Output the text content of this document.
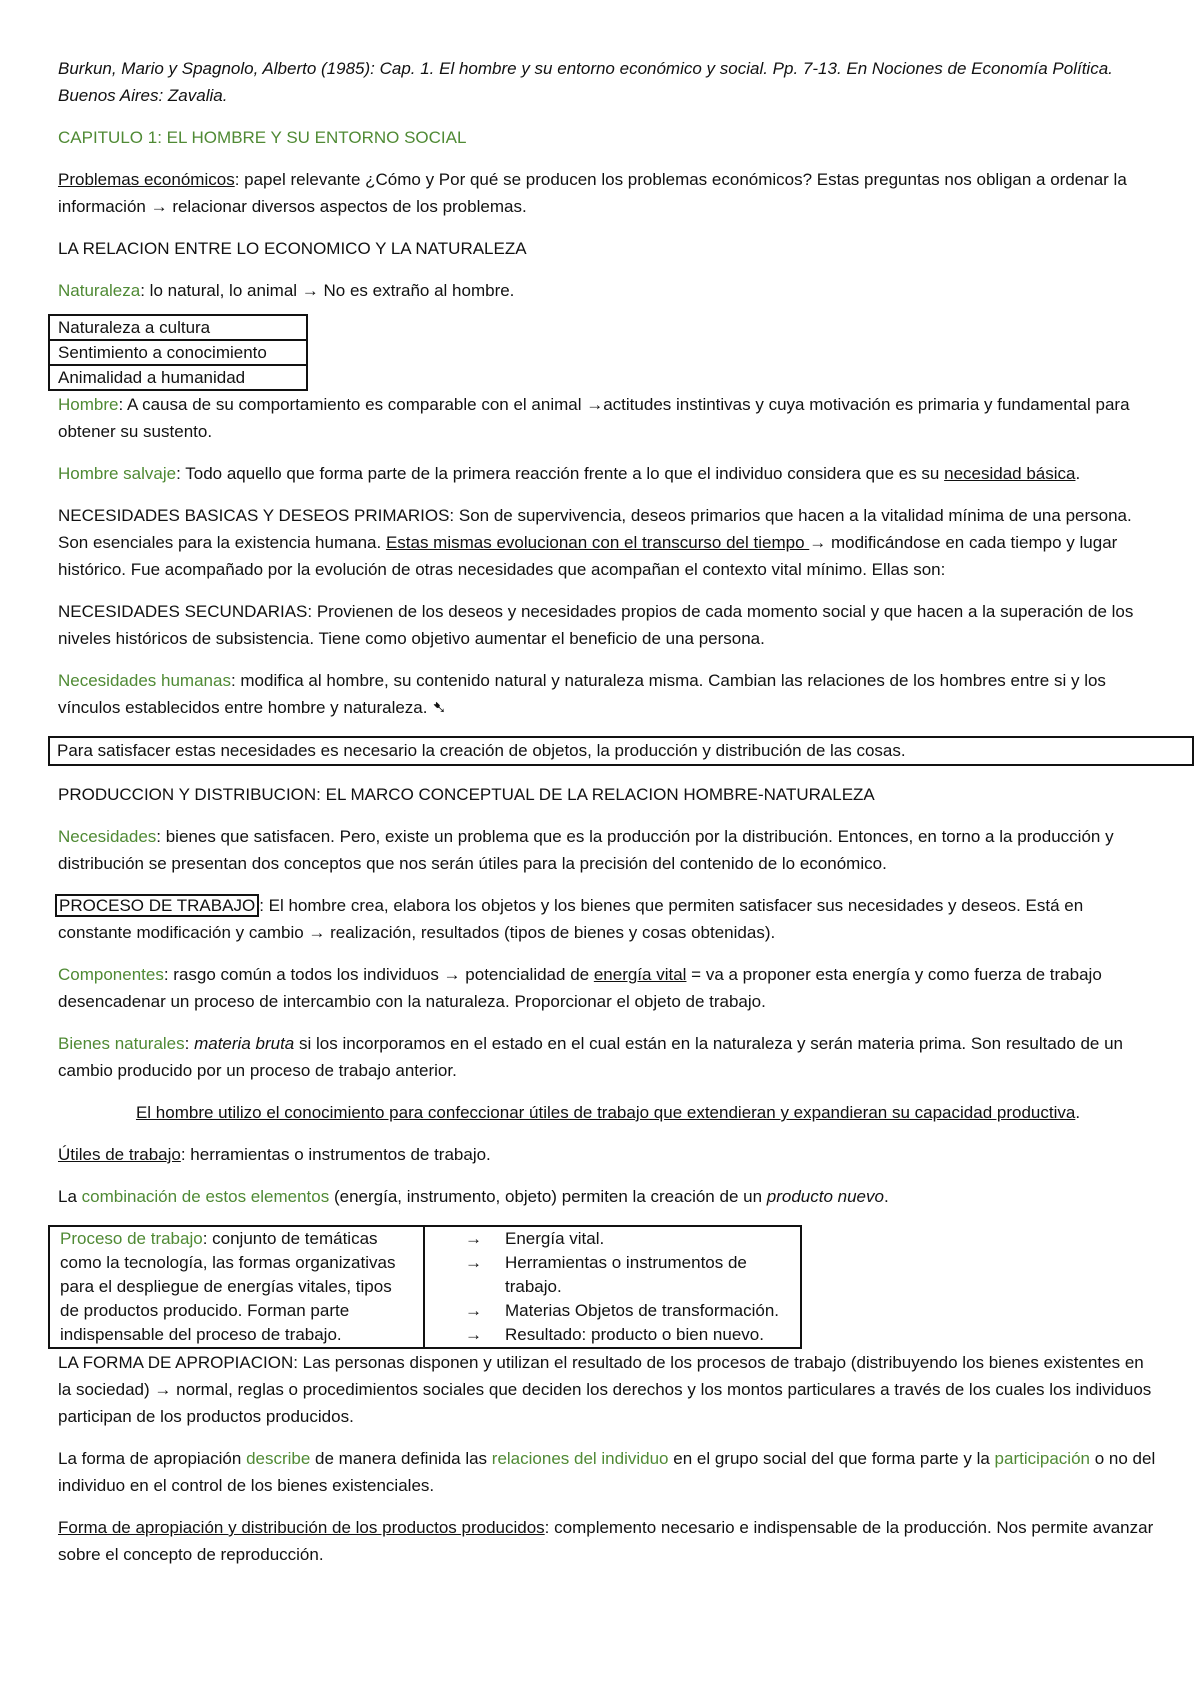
Burkun, Mario y Spagnolo, Alberto (1985): Cap. 1. El hombre y su entorno económico y social. Pp. 7-13. En Nociones de Economía Política. Buenos Aires: Zavalia.

CAPITULO 1: EL HOMBRE Y SU ENTORNO SOCIAL

Problemas económicos: papel relevante ¿Cómo y Por qué se producen los problemas económicos? Estas preguntas nos obligan a ordenar la información → relacionar diversos aspectos de los problemas.

LA RELACION ENTRE LO ECONOMICO Y LA NATURALEZA

Naturaleza: lo natural, lo animal → No es extraño al hombre.

Naturaleza a cultura
Sentimiento a conocimiento
Animalidad a humanidad

Hombre: A causa de su comportamiento es comparable con el animal →actitudes instintivas y cuya motivación es primaria y fundamental para obtener su sustento.

Hombre salvaje: Todo aquello que forma parte de la primera reacción frente a lo que el individuo considera que es su necesidad básica.

NECESIDADES BASICAS Y DESEOS PRIMARIOS: Son de supervivencia, deseos primarios que hacen a la vitalidad mínima de una persona. Son esenciales para la existencia humana. Estas mismas evolucionan con el transcurso del tiempo → modificándose en cada tiempo y lugar histórico. Fue acompañado por la evolución de otras necesidades que acompañan el contexto vital mínimo. Ellas son:

NECESIDADES SECUNDARIAS: Provienen de los deseos y necesidades propios de cada momento social y que hacen a la superación de los niveles históricos de subsistencia. Tiene como objetivo aumentar el beneficio de una persona.

Necesidades humanas: modifica al hombre, su contenido natural y naturaleza misma. Cambian las relaciones de los hombres entre si y los vínculos establecidos entre hombre y naturaleza. ➷

Para satisfacer estas necesidades es necesario la creación de objetos, la producción y distribución de las cosas.

PRODUCCION Y DISTRIBUCION: EL MARCO CONCEPTUAL DE LA RELACION HOMBRE-NATURALEZA

Necesidades: bienes que satisfacen. Pero, existe un problema que es la producción por la distribución. Entonces, en torno a la producción y distribución se presentan dos conceptos que nos serán útiles para la precisión del contenido de lo económico.

PROCESO DE TRABAJO : El hombre crea, elabora los objetos y los bienes que permiten satisfacer sus necesidades y deseos. Está en constante modificación y cambio → realización, resultados (tipos de bienes y cosas obtenidas).

Componentes: rasgo común a todos los individuos → potencialidad de energía vital = va a proponer esta energía y como fuerza de trabajo desencadenar un proceso de intercambio con la naturaleza. Proporcionar el objeto de trabajo.

Bienes naturales: materia bruta si los incorporamos en el estado en el cual están en la naturaleza y serán materia prima. Son resultado de un cambio producido por un proceso de trabajo anterior.

El hombre utilizo el conocimiento para confeccionar útiles de trabajo que extendieran y expandieran su capacidad productiva.

Útiles de trabajo: herramientas o instrumentos de trabajo.

La combinación de estos elementos (energía, instrumento, objeto) permiten la creación de un producto nuevo.

Proceso de trabajo: conjunto de temáticas como la tecnología, las formas organizativas para el despliegue de energías vitales, tipos de productos producido. Forman parte indispensable del proceso de trabajo.	
→	Energía vital.
→	Herramientas o instrumentos de trabajo.
→	Materias Objetos de transformación.
→	Resultado: producto o bien nuevo.

LA FORMA DE APROPIACION: Las personas disponen y utilizan el resultado de los procesos de trabajo (distribuyendo los bienes existentes en la sociedad) → normal, reglas o procedimientos sociales que deciden los derechos y los montos particulares a través de los cuales los individuos participan de los productos producidos.

La forma de apropiación describe de manera definida las relaciones del individuo en el grupo social del que forma parte y la participación o no del individuo en el control de los bienes existenciales.

Forma de apropiación y distribución de los productos producidos: complemento necesario e indispensable de la producción. Nos permite avanzar sobre el concepto de reproducción.
